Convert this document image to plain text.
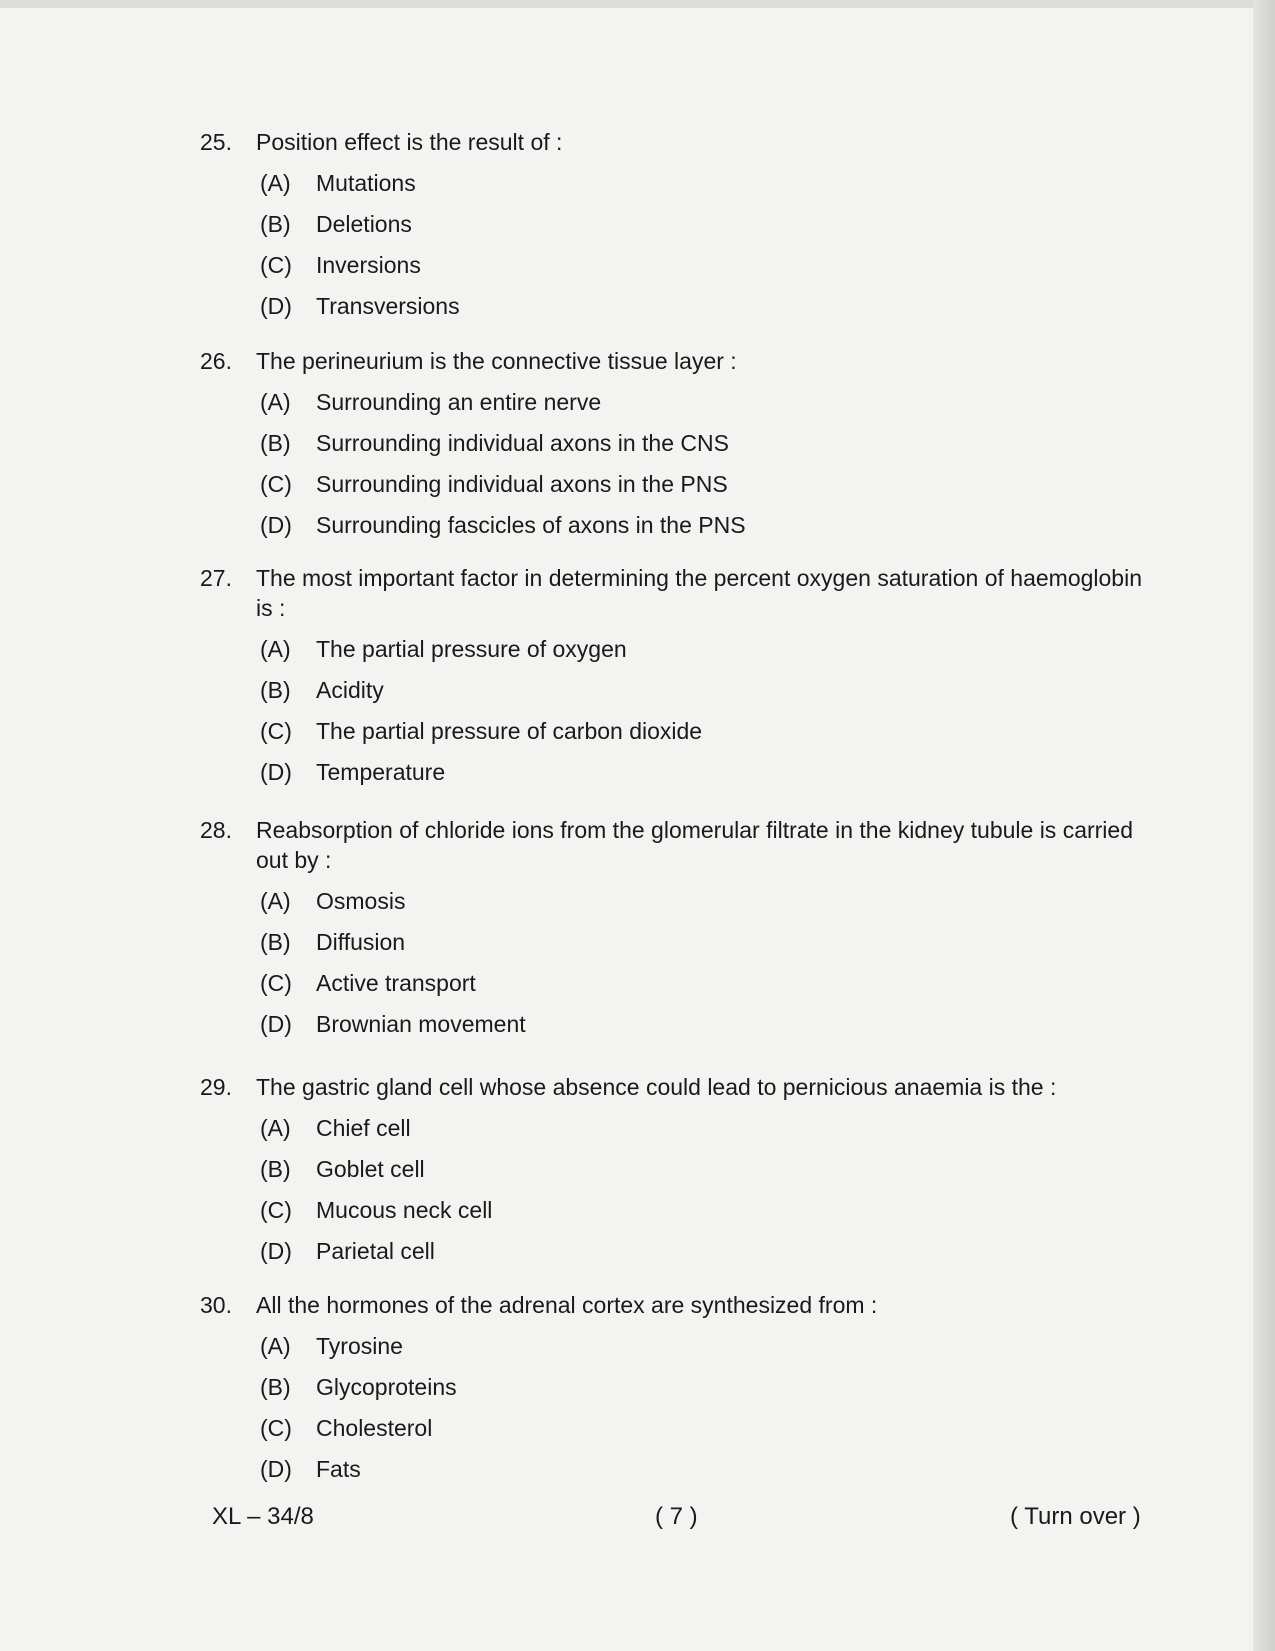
25. Position effect is the result of :
(A)	Mutations
(B)	Deletions
(C)	Inversions
(D)	Transversions
26. The perineurium is the connective tissue layer :
(A)	Surrounding an entire nerve
(B)	Surrounding individual axons in the CNS
(C)	Surrounding individual axons in the PNS
(D)	Surrounding fascicles of axons in the PNS
27. The most important factor in determining the percent oxygen saturation of haemoglobin is :
(A)	The partial pressure of oxygen
(B)	Acidity
(C)	The partial pressure of carbon dioxide
(D)	Temperature
28. Reabsorption of chloride ions from the glomerular filtrate in the kidney tubule is carried out by :
(A)	Osmosis
(B)	Diffusion
(C)	Active transport
(D)	Brownian movement
29. The gastric gland cell whose absence could lead to pernicious anaemia is the :
(A)	Chief cell
(B)	Goblet cell
(C)	Mucous neck cell
(D)	Parietal cell
30. All the hormones of the adrenal cortex are synthesized from :
(A)	Tyrosine
(B)	Glycoproteins
(C)	Cholesterol
(D)	Fats
XL – 34/8	( 7 )	( Turn over )
